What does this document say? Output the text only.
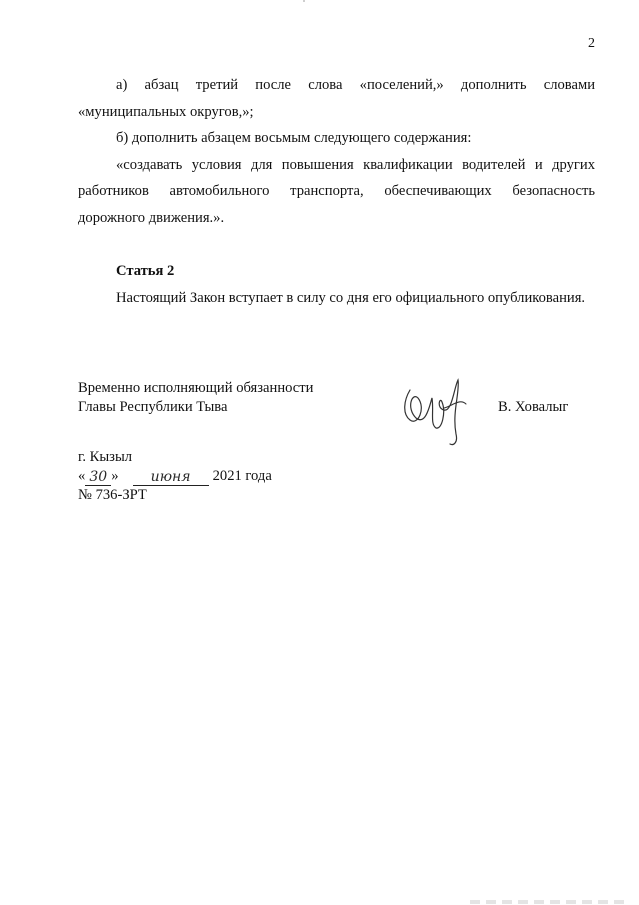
2

а) абзац третий после слова «поселений,» дополнить словами «муниципальных округов,»;

б) дополнить абзацем восьмым следующего содержания:

«создавать условия для повышения квалификации водителей и других работников автомобильного транспорта, обеспечивающих безопасность дорожного движения.».

Статья 2

Настоящий Закон вступает в силу со дня его официального опубликования.

Временно исполняющий обязанности
Главы Республики Тыва	В. Ховалыг
г. Кызыл
« 30 »	июня	2021 года
№ 736-ЗРТ
